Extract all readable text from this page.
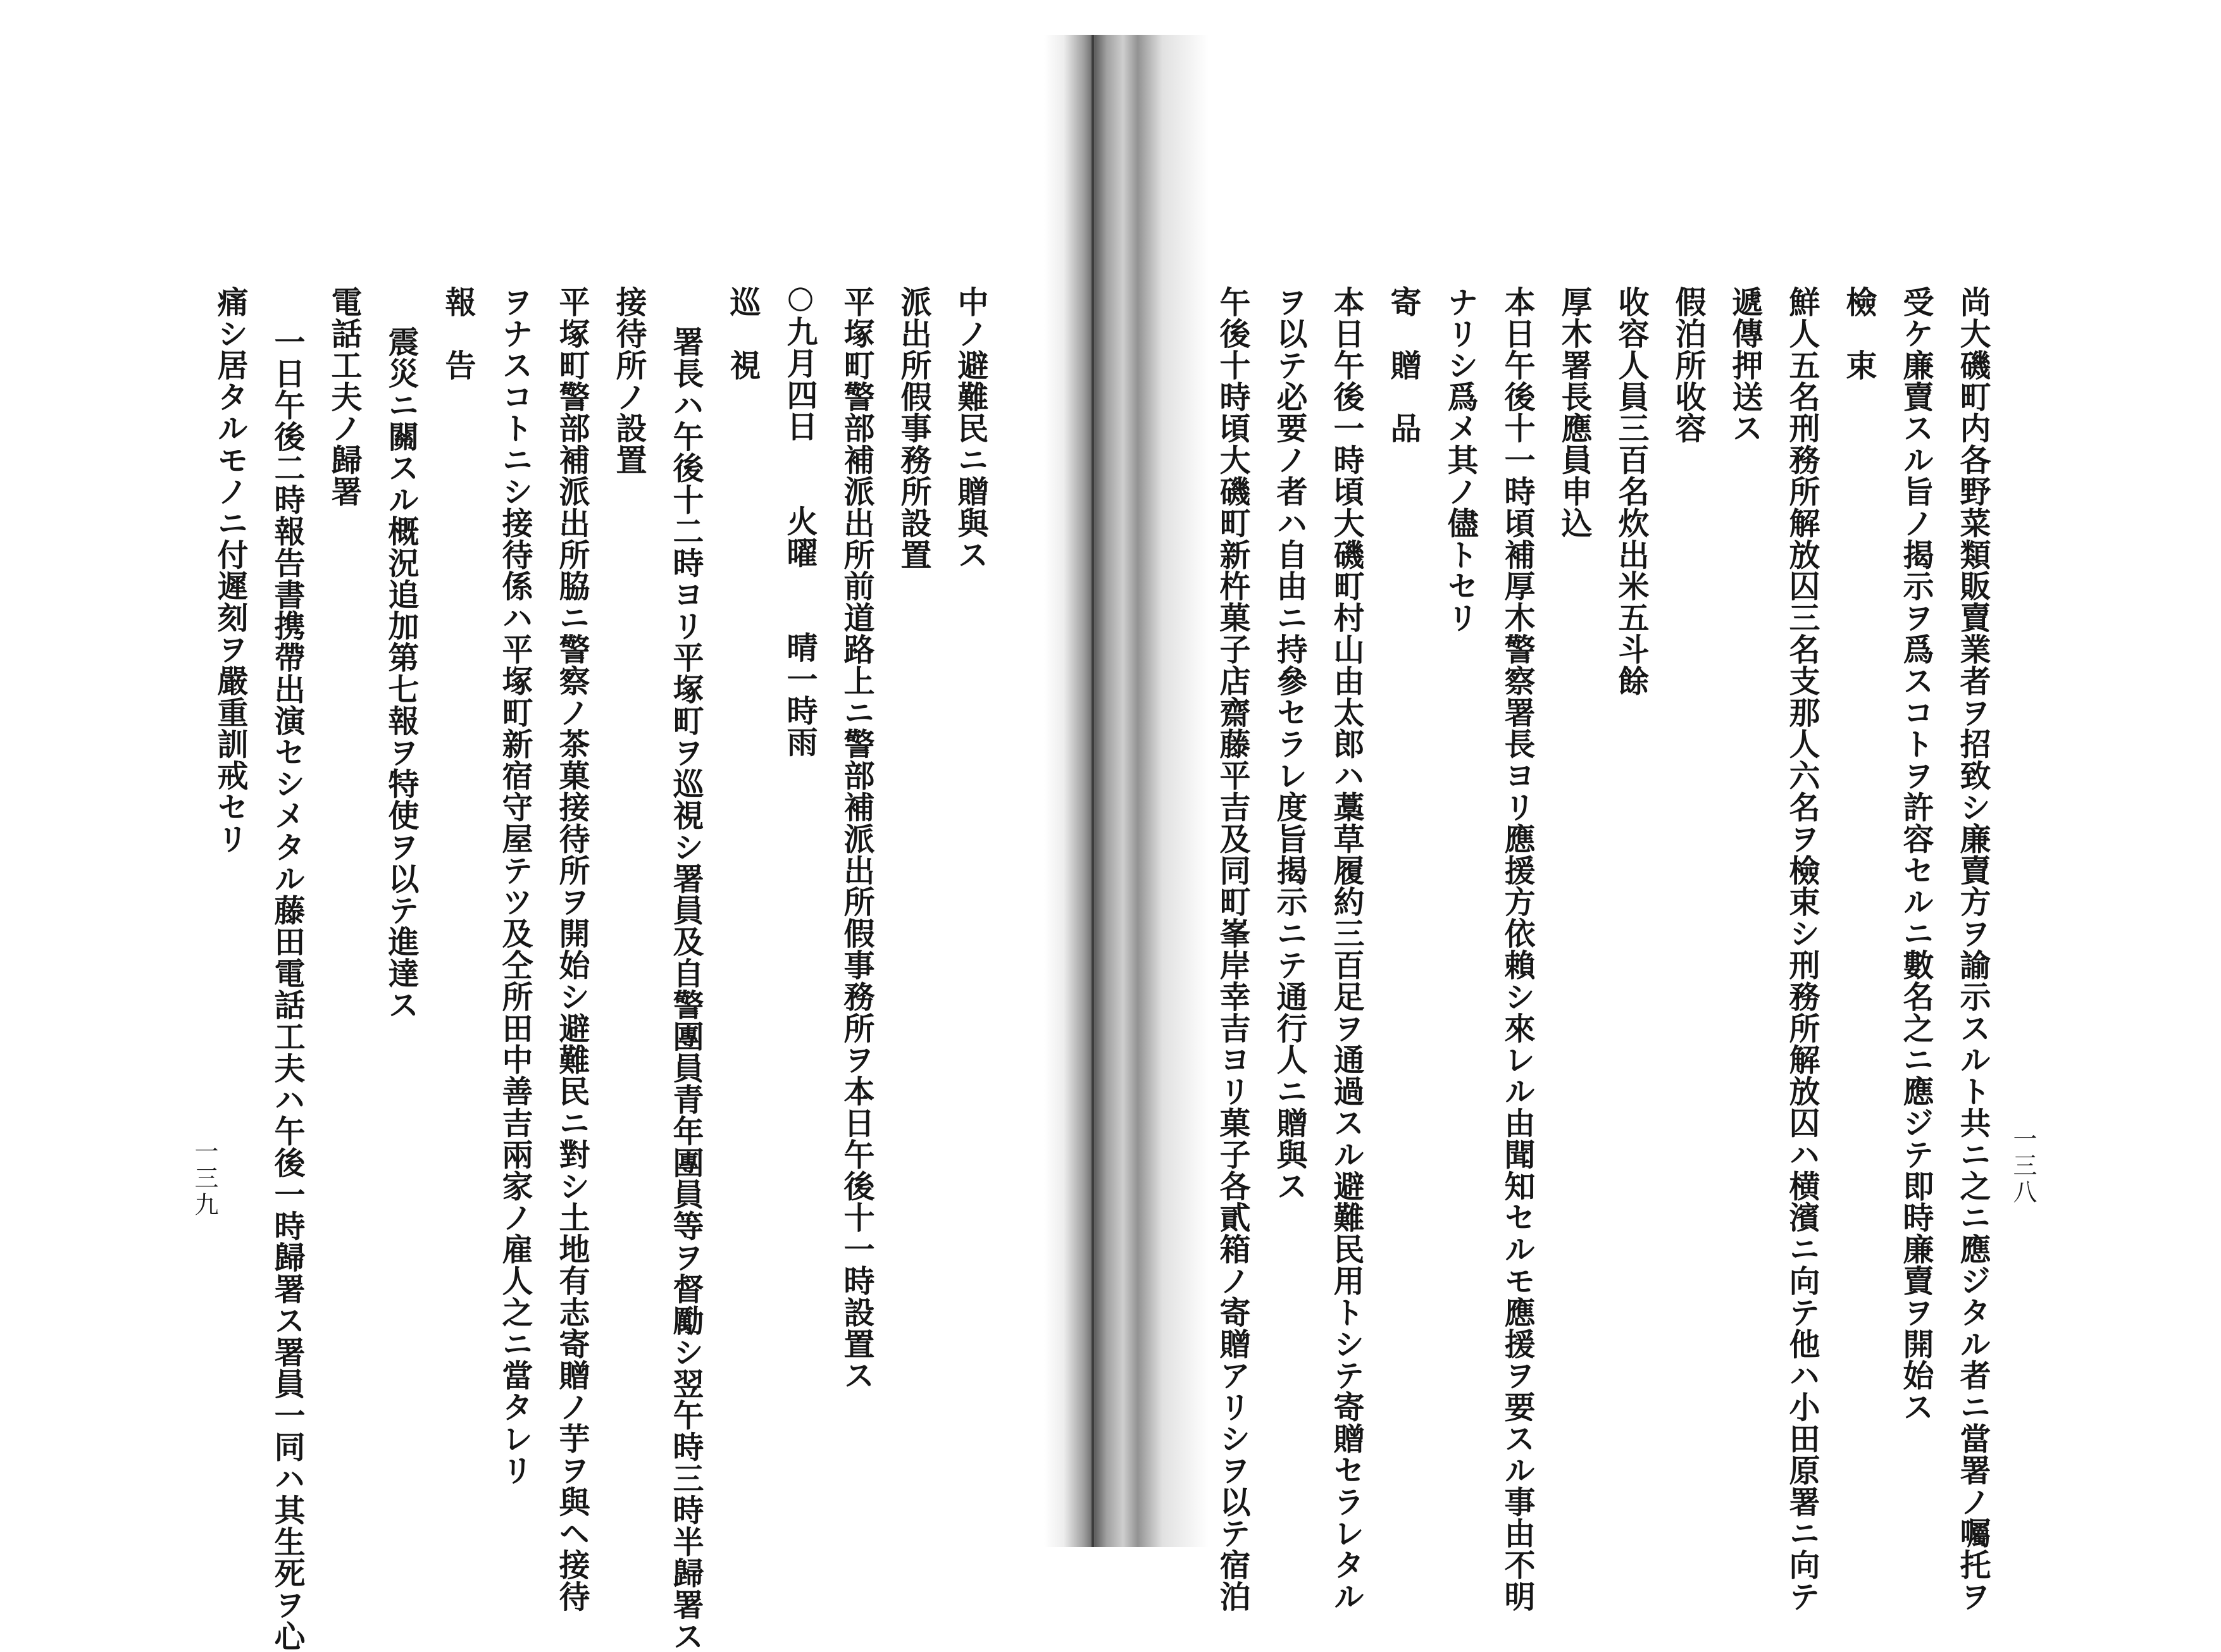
中ノ避難民ニ贈與ス
派出所假事務所設置
平塚町警部補派出所前道路上ニ警部補派出所假事務所ヲ本日午後十一時設置ス
○九月四日　　火曜　　晴一時雨
巡　視
署長ハ午後十二時ヨリ平塚町ヲ巡視シ署員及自警團員青年團員等ヲ督勵シ翌午時三時半歸署ス
接待所ノ設置
平塚町警部補派出所脇ニ警察ノ茶菓接待所ヲ開始シ避難民ニ對シ土地有志寄贈ノ芋ヲ與ヘ接待
ヲナスコトニシ接待係ハ平塚町新宿守屋テツ及仝所田中善吉兩家ノ雇人之ニ當タレリ
報　告
震災ニ關スル概況追加第七報ヲ特使ヲ以テ進達ス
電話工夫ノ歸署
一日午後二時報告書携帶出演セシメタル藤田電話工夫ハ午後一時歸署ス署員一同ハ其生死ヲ心
痛シ居タルモノニ付遲刻ヲ嚴重訓戒セリ
一三九	一三八
尚大磯町内各野菜類販賣業者ヲ招致シ廉賣方ヲ諭示スルト共ニ之ニ應ジタル者ニ當署ノ囑托ヲ
受ケ廉賣スル旨ノ揭示ヲ爲スコトヲ許容セルニ數名之ニ應ジテ即時廉賣ヲ開始ス
檢　束
鮮人五名刑務所解放囚三名支那人六名ヲ檢束シ刑務所解放囚ハ横濱ニ向テ他ハ小田原署ニ向テ
遞傳押送ス
假泊所收容
收容人員三百名炊出米五斗餘
厚木署長應員申込
本日午後十一時頃補厚木警察署長ヨリ應援方依賴シ來レル由聞知セルモ應援ヲ要スル事由不明
ナリシ爲メ其ノ儘トセリ
寄　贈　品
本日午後一時頃大磯町村山由太郎ハ藁草履約三百足ヲ通過スル避難民用トシテ寄贈セラレタル
ヲ以テ必要ノ者ハ自由ニ持參セラレ度旨揭示ニテ通行人ニ贈與ス
午後十時頃大磯町新杵菓子店齋藤平吉及同町峯岸幸吉ヨリ菓子各貳箱ノ寄贈アリシヲ以テ宿泊
